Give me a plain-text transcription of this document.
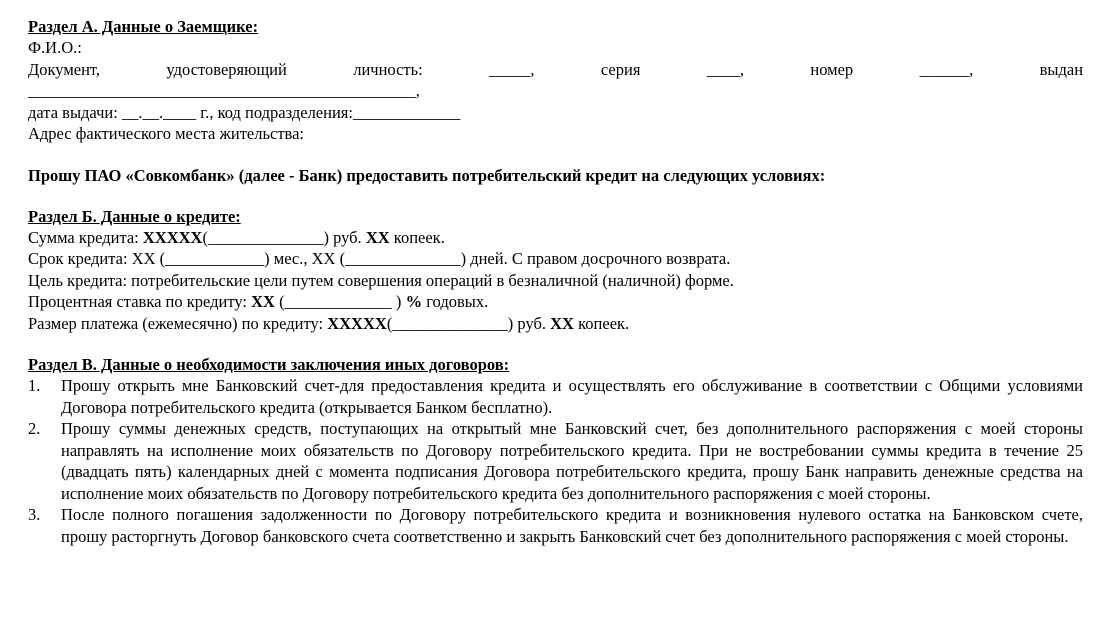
Раздел А. Данные о Заемщике:
Ф.И.О.:
Документ,	удостоверяющий	личность:	_____,	серия	____,	номер	______,	выдан
_______________________________________________,
дата выдачи: __.__.____ г., код подразделения:_____________
Адрес фактического места жительства:
Прошу ПАО «Совкомбанк» (далее - Банк) предоставить потребительский кредит на следующих условиях:
Раздел Б. Данные о кредите:
Сумма кредита: XXXXX(______________) руб. XX копеек.
Срок кредита: XX (____________) мес., XX (______________) дней. С правом досрочного возврата.
Цель кредита: потребительские цели путем совершения операций в безналичной (наличной) форме.
Процентная ставка по кредиту: XX (_____________ ) % годовых.
Размер платежа (ежемесячно) по кредиту: XXXXX(______________) руб. XX копеек.
Раздел В. Данные о необходимости заключения иных договоров:
1.	Прошу открыть мне Банковский счет-для предоставления кредита и осуществлять его обслуживание в соответствии с Общими условиями Договора потребительского кредита (открывается Банком бесплатно).
2.	Прошу суммы денежных средств, поступающих на открытый мне Банковский счет, без дополнительного распоряжения с моей стороны направлять на исполнение моих обязательств по Договору потребительского кредита. При не востребовании суммы кредита в течение 25 (двадцать пять) календарных дней с момента подписания Договора потребительского кредита, прошу Банк направить денежные средства на исполнение моих обязательств по Договору потребительского кредита без дополнительного распоряжения с моей стороны.
3.	После полного погашения задолженности по Договору потребительского кредита и возникновения нулевого остатка на Банковском счете, прошу расторгнуть Договор банковского счета соответственно и закрыть Банковский счет без дополнительного распоряжения с моей стороны.
